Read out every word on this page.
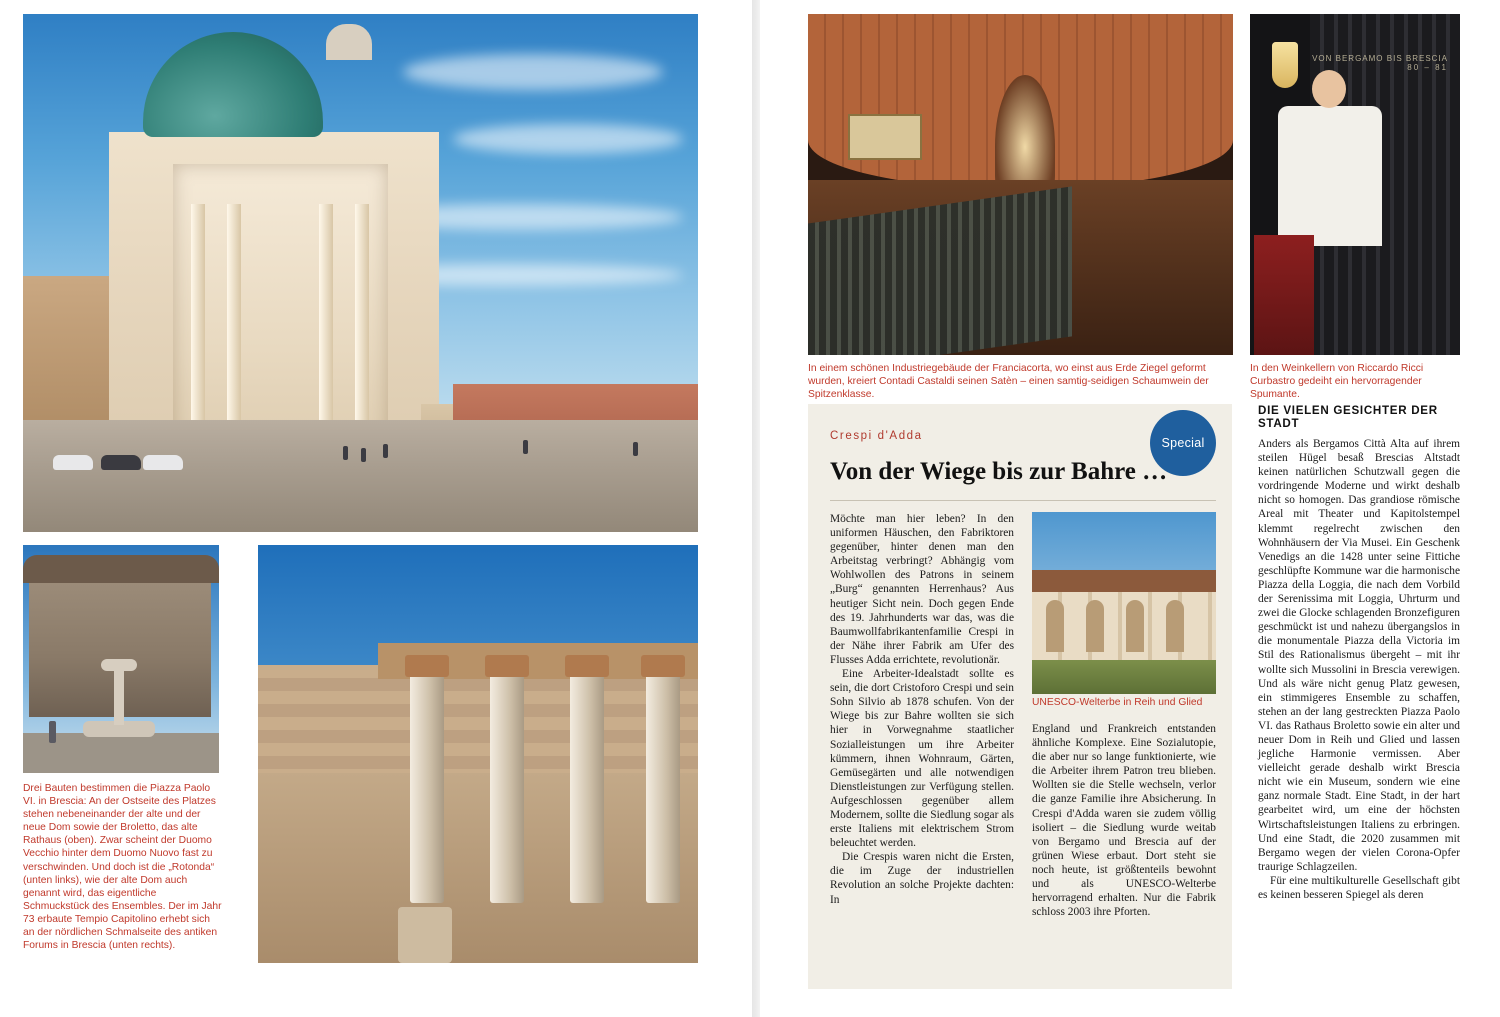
Drei Bauten bestimmen die Piazza Paolo VI. in Brescia: An der Ostseite des Platzes stehen nebeneinander der alte und der neue Dom sowie der Broletto, das alte Rathaus (oben). Zwar scheint der Duomo Vecchio hinter dem Duomo Nuovo fast zu verschwinden. Und doch ist die „Rotonda“ (unten links), wie der alte Dom auch genannt wird, das eigentliche Schmuckstück des Ensembles. Der im Jahr 73 erbaute Tempio Capitolino erhebt sich an der nördlichen Schmalseite des antiken Forums in Brescia (unten rechts).
VON BERGAMO BIS BRESCIA
80 – 81
In einem schönen Industriegebäude der Franciacorta, wo einst aus Erde Ziegel geformt wurden, kreiert Contadi Castaldi seinen Satèn – einen samtig-seidigen Schaumwein der Spitzenklasse.
In den Weinkellern von Riccardo Ricci Curbastro gedeiht ein hervorragender Spumante.
Crespi d'Adda	Special
Von der Wiege bis zur Bahre …

Möchte man hier leben? In den uniformen Häuschen, den Fabriktoren gegenüber, hinter denen man den Arbeitstag verbringt? Abhängig vom Wohlwollen des Patrons in seinem „Burg“ genannten Herrenhaus? Aus heutiger Sicht nein. Doch gegen Ende des 19. Jahrhunderts war das, was die Baumwollfabrikantenfamilie Crespi in der Nähe ihrer Fabrik am Ufer des Flusses Adda errichtete, revolutionär.

Eine Arbeiter-Idealstadt sollte es sein, die dort Cristoforo Crespi und sein Sohn Silvio ab 1878 schufen. Von der Wiege bis zur Bahre wollten sie sich hier in Vorwegnahme staatlicher Sozialleistungen um ihre Arbeiter kümmern, ihnen Wohnraum, Gärten, Gemüsegärten und alle notwendigen Dienstleistungen zur Verfügung stellen. Aufgeschlossen gegenüber allem Modernem, sollte die Siedlung sogar als erste Italiens mit elektrischem Strom beleuchtet werden.

Die Crespis waren nicht die Ersten, die im Zuge der industriellen Revolution an solche Projekte dachten: In

UNESCO-Welterbe in Reih und Glied

England und Frankreich entstanden ähnliche Komplexe. Eine Sozialutopie, die aber nur so lange funktionierte, wie die Arbeiter ihrem Patron treu blieben. Wollten sie die Stelle wechseln, verlor die ganze Familie ihre Absicherung. In Crespi d'Adda waren sie zudem völlig isoliert – die Siedlung wurde weitab von Bergamo und Brescia auf der grünen Wiese erbaut. Dort steht sie noch heute, ist größtenteils bewohnt und als UNESCO-Welterbe hervorragend erhalten. Nur die Fabrik schloss 2003 ihre Pforten.

DIE VIELEN GESICHTER DER STADT

Anders als Bergamos Città Alta auf ihrem steilen Hügel besaß Brescias Altstadt keinen natürlichen Schutzwall gegen die vordringende Moderne und wirkt deshalb nicht so homogen. Das grandiose römische Areal mit Theater und Kapitolstempel klemmt regelrecht zwischen den Wohnhäusern der Via Musei. Ein Geschenk Venedigs an die 1428 unter seine Fittiche geschlüpfte Kommune war die harmonische Piazza della Loggia, die nach dem Vorbild der Serenissima mit Loggia, Uhrturm und zwei die Glocke schlagenden Bronzefiguren geschmückt ist und nahezu übergangslos in die monumentale Piazza della Victoria im Stil des Rationalismus übergeht – mit ihr wollte sich Mussolini in Brescia verewigen. Und als wäre nicht genug Platz gewesen, ein stimmigeres Ensemble zu schaffen, stehen an der lang gestreckten Piazza Paolo VI. das Rathaus Broletto sowie ein alter und neuer Dom in Reih und Glied und lassen jegliche Harmonie vermissen. Aber vielleicht gerade deshalb wirkt Brescia nicht wie ein Museum, sondern wie eine ganz normale Stadt. Eine Stadt, in der hart gearbeitet wird, um eine der höchsten Wirtschaftsleistungen Italiens zu erbringen. Und eine Stadt, die 2020 zusammen mit Bergamo wegen der vielen Corona-Opfer traurige Schlagzeilen.

Für eine multikulturelle Gesellschaft gibt es keinen besseren Spiegel als deren
